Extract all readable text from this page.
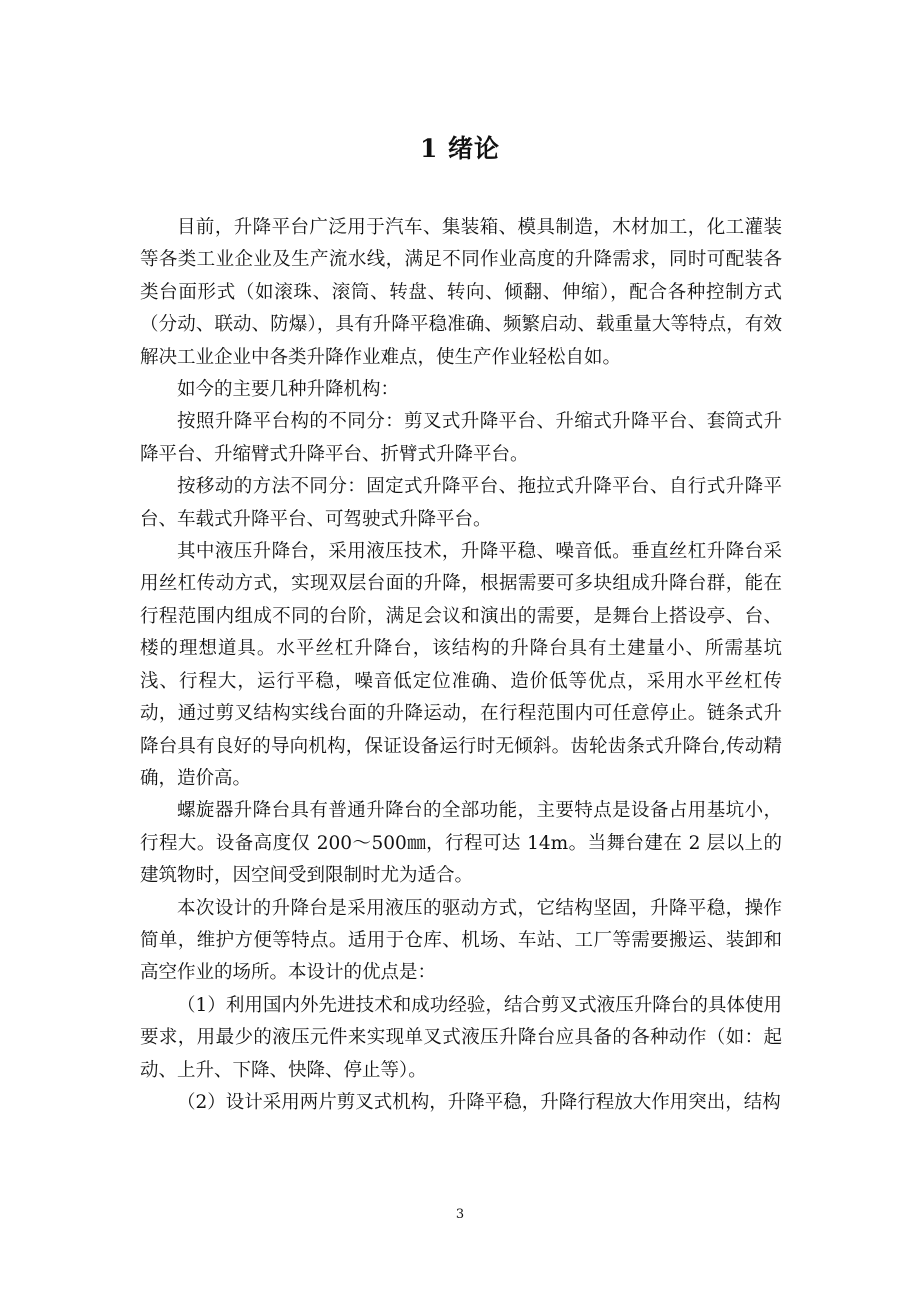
1 绪论

目前，升降平台广泛用于汽车、集装箱、模具制造，木材加工，化工灌装等各类工业企业及生产流水线，满足不同作业高度的升降需求，同时可配装各类台面形式（如滚珠、滚筒、转盘、转向、倾翻、伸缩），配合各种控制方式（分动、联动、防爆），具有升降平稳准确、频繁启动、载重量大等特点，有效解决工业企业中各类升降作业难点，使生产作业轻松自如。

如今的主要几种升降机构：

按照升降平台构的不同分：剪叉式升降平台、升缩式升降平台、套筒式升降平台、升缩臂式升降平台、折臂式升降平台。

按移动的方法不同分：固定式升降平台、拖拉式升降平台、自行式升降平台、车载式升降平台、可驾驶式升降平台。

其中液压升降台，采用液压技术，升降平稳、噪音低。垂直丝杠升降台采用丝杠传动方式，实现双层台面的升降，根据需要可多块组成升降台群，能在行程范围内组成不同的台阶，满足会议和演出的需要，是舞台上搭设亭、台、楼的理想道具。水平丝杠升降台，该结构的升降台具有土建量小、所需基坑浅、行程大，运行平稳，噪音低定位准确、造价低等优点，采用水平丝杠传动，通过剪叉结构实线台面的升降运动，在行程范围内可任意停止。链条式升降台具有良好的导向机构，保证设备运行时无倾斜。齿轮齿条式升降台,传动精确，造价高。

螺旋器升降台具有普通升降台的全部功能，主要特点是设备占用基坑小，行程大。设备高度仅 200～500㎜，行程可达 14m。当舞台建在 2 层以上的建筑物时，因空间受到限制时尤为适合。

本次设计的升降台是采用液压的驱动方式，它结构坚固，升降平稳，操作简单，维护方便等特点。适用于仓库、机场、车站、工厂等需要搬运、装卸和高空作业的场所。本设计的优点是：

（1）利用国内外先进技术和成功经验，结合剪叉式液压升降台的具体使用要求，用最少的液压元件来实现单叉式液压升降台应具备的各种动作（如：起动、上升、下降、快降、停止等）。

（2）设计采用两片剪叉式机构，升降平稳，升降行程放大作用突出，结构

3
